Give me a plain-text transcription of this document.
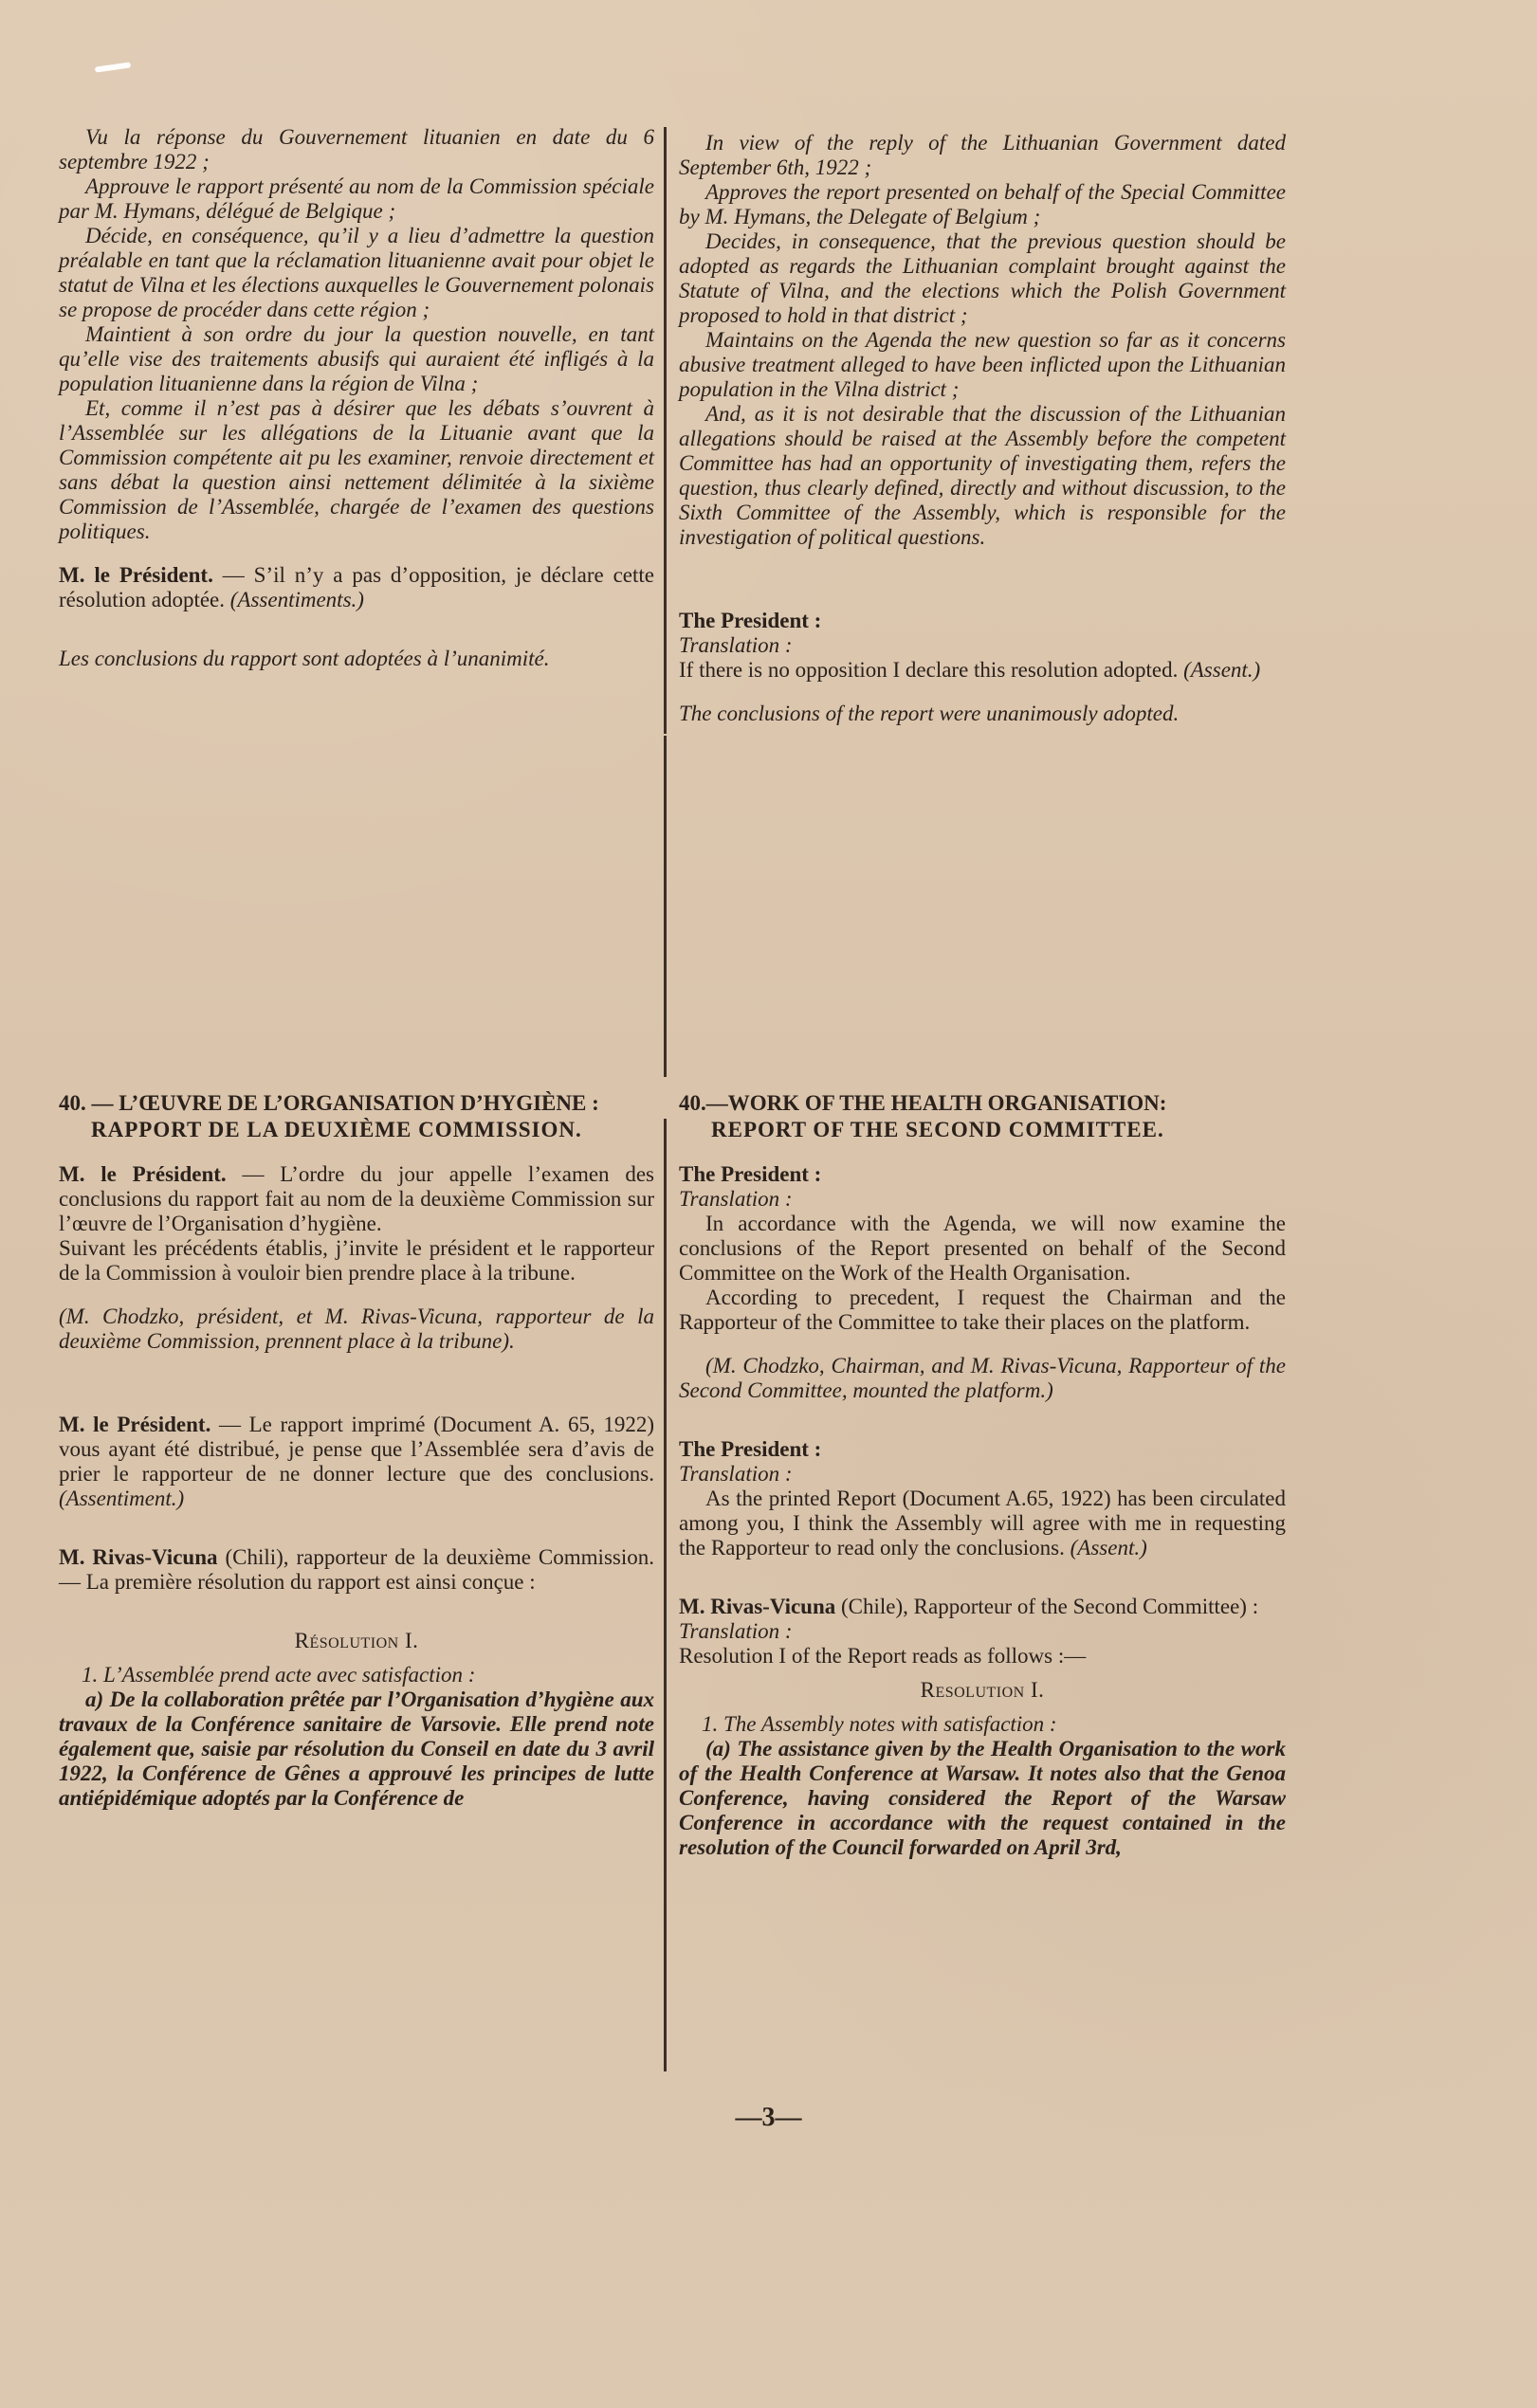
Vu la réponse du Gouvernement lituanien en date du 6 septembre 1922 ;

Approuve le rapport présenté au nom de la Commission spéciale par M. Hymans, délégué de Belgique ;

Décide, en conséquence, qu’il y a lieu d’admettre la question préalable en tant que la réclamation lituanienne avait pour objet le statut de Vilna et les élections auxquelles le Gouvernement polonais se propose de procéder dans cette région ;

Maintient à son ordre du jour la question nouvelle, en tant qu’elle vise des traitements abusifs qui auraient été infligés à la population lituanienne dans la région de Vilna ;

Et, comme il n’est pas à désirer que les débats s’ouvrent à l’Assemblée sur les allégations de la Lituanie avant que la Commission compétente ait pu les examiner, renvoie directement et sans débat la question ainsi nettement délimitée à la sixième Commission de l’Assemblée, chargée de l’examen des questions politiques.

M. le Président. — S’il n’y a pas d’opposition, je déclare cette résolution adoptée. (Assentiments.)

Les conclusions du rapport sont adoptées à l’unanimité.

In view of the reply of the Lithuanian Government dated September 6th, 1922 ;

Approves the report presented on behalf of the Special Committee by M. Hymans, the Delegate of Belgium ;

Decides, in consequence, that the previous question should be adopted as regards the Lithuanian complaint brought against the Statute of Vilna, and the elections which the Polish Government proposed to hold in that district ;

Maintains on the Agenda the new question so far as it concerns abusive treatment alleged to have been inflicted upon the Lithuanian population in the Vilna district ;

And, as it is not desirable that the discussion of the Lithuanian allegations should be raised at the Assembly before the competent Committee has had an opportunity of investigating them, refers the question, thus clearly defined, directly and without discussion, to the Sixth Committee of the Assembly, which is responsible for the investigation of political questions.

The President :

Translation :

If there is no opposition I declare this resolution adopted. (Assent.)

The conclusions of the report were unanimously adopted.

40. — L’ŒUVRE DE L’ORGANISATION D’HYGIÈNE :

RAPPORT DE LA DEUXIÈME COMMISSION.

M. le Président. — L’ordre du jour appelle l’examen des conclusions du rapport fait au nom de la deuxième Commission sur l’œuvre de l’Organisation d’hygiène.

Suivant les précédents établis, j’invite le président et le rapporteur de la Commission à vouloir bien prendre place à la tribune.

(M. Chodzko, président, et M. Rivas-Vicuna, rapporteur de la deuxième Commission, prennent place à la tribune).

M. le Président. — Le rapport imprimé (Document A. 65, 1922) vous ayant été distribué, je pense que l’Assemblée sera d’avis de prier le rapporteur de ne donner lecture que des conclusions. (Assentiment.)

M. Rivas-Vicuna (Chili), rapporteur de la deuxième Commission. — La première résolution du rapport est ainsi conçue :

Résolution I.

1. L’Assemblée prend acte avec satisfaction :

a) De la collaboration prêtée par l’Organisation d’hygiène aux travaux de la Conférence sanitaire de Varsovie. Elle prend note également que, saisie par résolution du Conseil en date du 3 avril 1922, la Conférence de Gênes a approuvé les principes de lutte antiépidémique adoptés par la Conférence de

40.—WORK OF THE HEALTH ORGANISATION:

REPORT OF THE SECOND COMMITTEE.

The President :

Translation :

In accordance with the Agenda, we will now examine the conclusions of the Report presented on behalf of the Second Committee on the Work of the Health Organisation.

According to precedent, I request the Chairman and the Rapporteur of the Committee to take their places on the platform.

(M. Chodzko, Chairman, and M. Rivas-Vicuna, Rapporteur of the Second Committee, mounted the platform.)

The President :

Translation :

As the printed Report (Document A.65, 1922) has been circulated among you, I think the Assembly will agree with me in requesting the Rapporteur to read only the conclusions. (Assent.)

M. Rivas-Vicuna (Chile), Rapporteur of the Second Committee) :

Translation :

Resolution I of the Report reads as follows :—

Resolution I.

1. The Assembly notes with satisfaction :

(a) The assistance given by the Health Organisation to the work of the Health Conference at Warsaw. It notes also that the Genoa Conference, having considered the Report of the Warsaw Conference in accordance with the request contained in the resolution of the Council forwarded on April 3rd,

—3—
